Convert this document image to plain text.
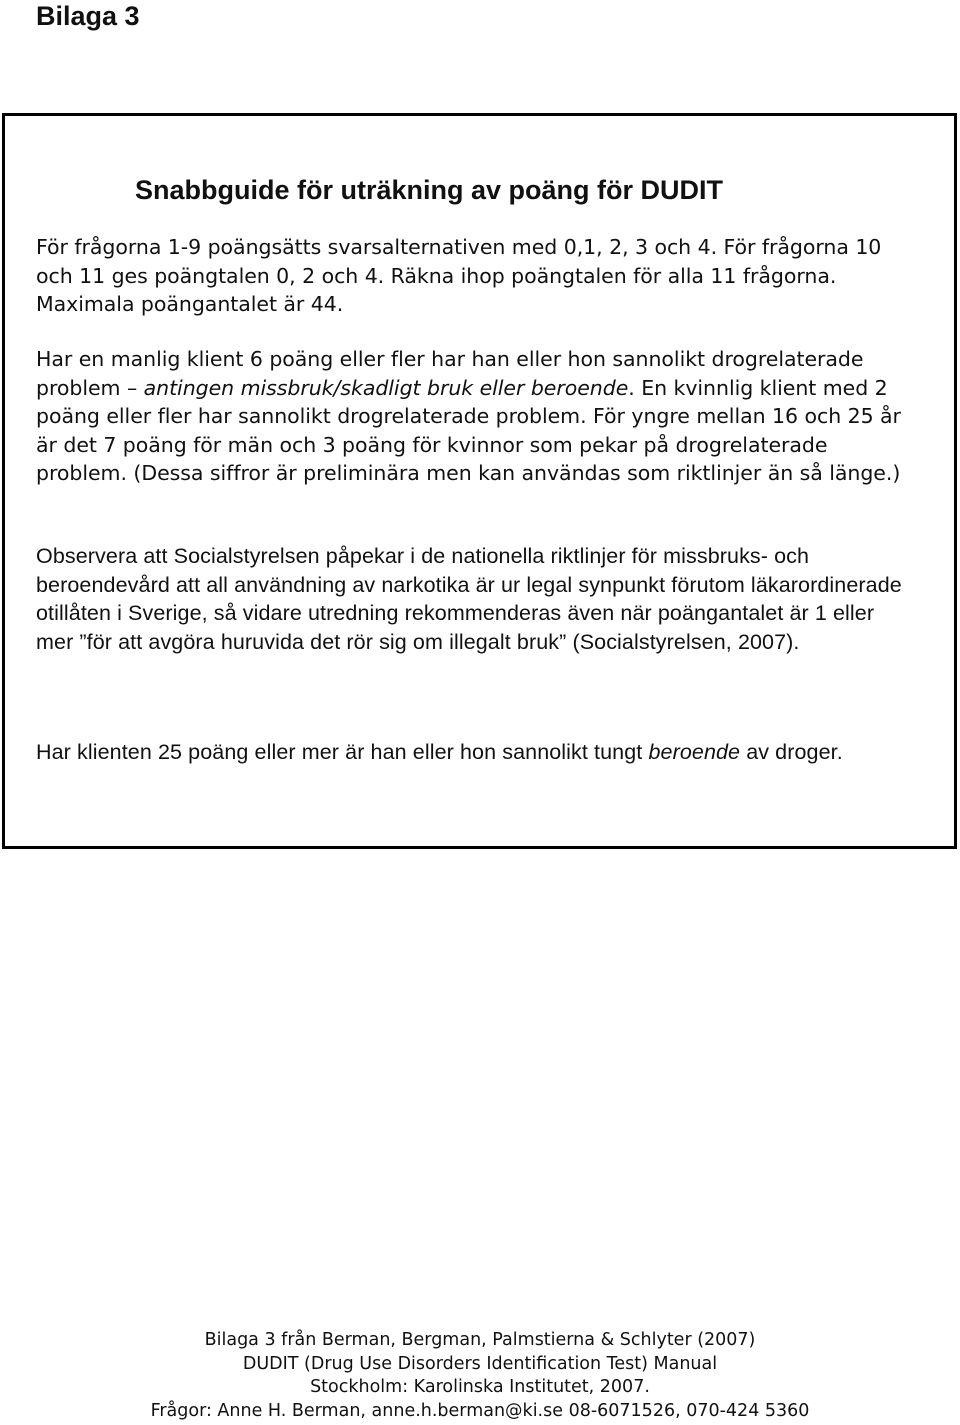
Bilaga 3
Snabbguide för uträkning av poäng för DUDIT

För frågorna 1-9 poängsätts svarsalternativen med 0,1, 2, 3 och 4. För frågorna 10 och 11 ges poängtalen 0, 2 och 4. Räkna ihop poängtalen för alla 11 frågorna. Maximala poängantalet är 44.

Har en manlig klient 6 poäng eller fler har han eller hon sannolikt drogrelaterade problem – antingen missbruk/skadligt bruk eller beroende. En kvinnlig klient med 2 poäng eller fler har sannolikt drogrelaterade problem. För yngre mellan 16 och 25 år är det 7 poäng för män och 3 poäng för kvinnor som pekar på drogrelaterade problem. (Dessa siffror är preliminära men kan användas som riktlinjer än så länge.)

Observera att Socialstyrelsen påpekar i de nationella riktlinjer för missbruks- och beroendevård att all användning av narkotika är ur legal synpunkt förutom läkarordinerade otillåten i Sverige, så vidare utredning rekommenderas även när poängantalet är 1 eller mer ”för att avgöra huruvida det rör sig om illegalt bruk” (Socialstyrelsen, 2007).

Har klienten 25 poäng eller mer är han eller hon sannolikt tungt beroende av droger.

Bilaga 3 från Berman, Bergman, Palmstierna & Schlyter (2007)

DUDIT (Drug Use Disorders Identification Test) Manual

Stockholm: Karolinska Institutet, 2007.

Frågor: Anne H. Berman, anne.h.berman@ki.se 08-6071526, 070-424 5360
